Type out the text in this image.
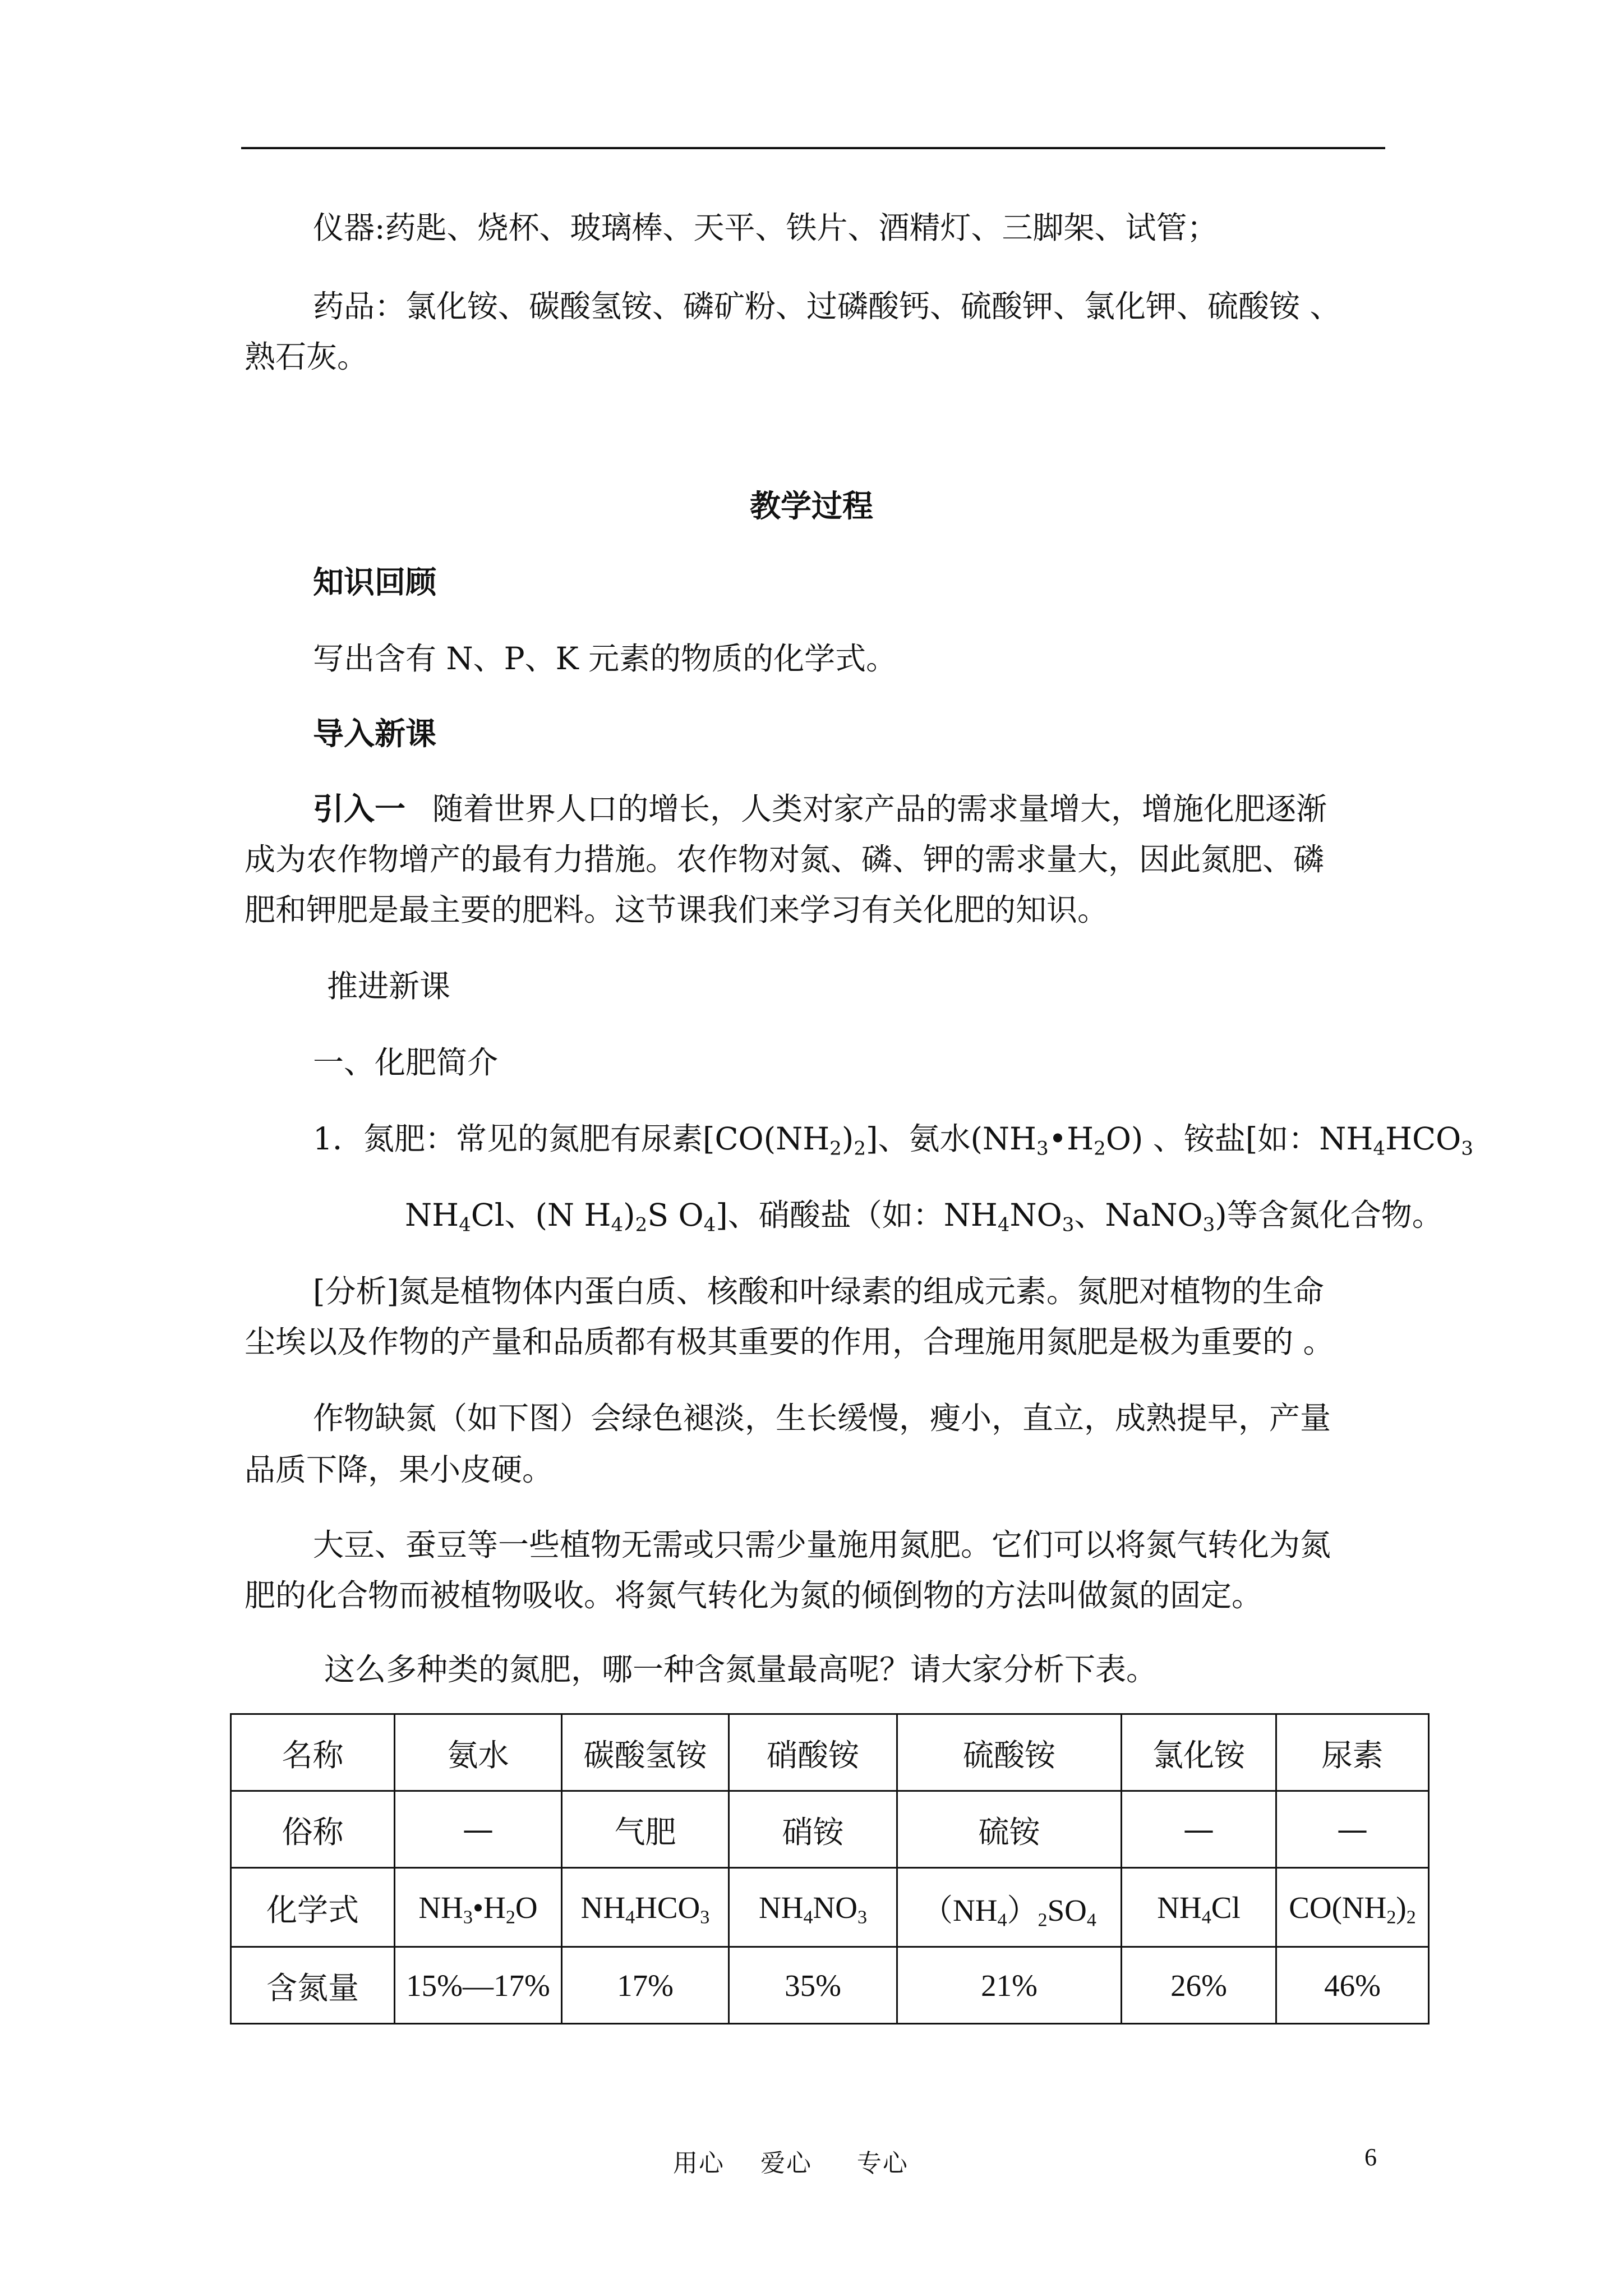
仪器:药匙、烧杯、玻璃棒、天平、铁片、酒精灯、三脚架、试管；
药品：氯化铵、碳酸氢铵、磷矿粉、过磷酸钙、硫酸钾、氯化钾、硫酸铵 、
熟石灰。
教学过程
知识回顾
写出含有 N、P、K 元素的物质的化学式。
导入新课
引入一 随着世界人口的增长，人类对家产品的需求量增大，增施化肥逐渐
成为农作物增产的最有力措施。农作物对氮、磷、钾的需求量大，因此氮肥、磷
肥和钾肥是最主要的肥料。这节课我们来学习有关化肥的知识。
推进新课
一、化肥简介
1．氮肥：常见的氮肥有尿素$[CO(NH_2)_2]$、氨水$(NH_3•H_2O)$ 、铵盐[如：$NH_4HCO_3$
$NH_4Cl$、(N $H_4)_2S$ $O_4$]、硝酸盐（如：$NH_4NO_3$、NaNO$_3$)等含氮化合物。
[分析]氮是植物体内蛋白质、核酸和叶绿素的组成元素。氮肥对植物的生命
尘埃以及作物的产量和品质都有极其重要的作用，合理施用氮肥是极为重要的 。
作物缺氮（如下图）会绿色褪淡，生长缓慢，瘦小，直立，成熟提早，产量
品质下降，果小皮硬。
大豆、蚕豆等一些植物无需或只需少量施用氮肥。它们可以将氮气转化为氮
肥的化合物而被植物吸收。将氮气转化为氮的倾倒物的方法叫做氮的固定。
这么多种类的氮肥，哪一种含氮量最高呢？请大家分析下表。
名称	氨水	碳酸氢铵	硝酸铵	硫酸铵	氯化铵	尿素
俗称	—	气肥	硝铵	硫铵	—	—
化学式	$NH_3•H_2O$	$NH_4HCO_3$	$NH_4NO_3$	$(NH_4)_2SO_4$	$NH_4Cl$	$CO(NH_2)_2$
含氮量	15%—17%	17%	35%	21%	26%	46%
用心    爱心     专心	6
